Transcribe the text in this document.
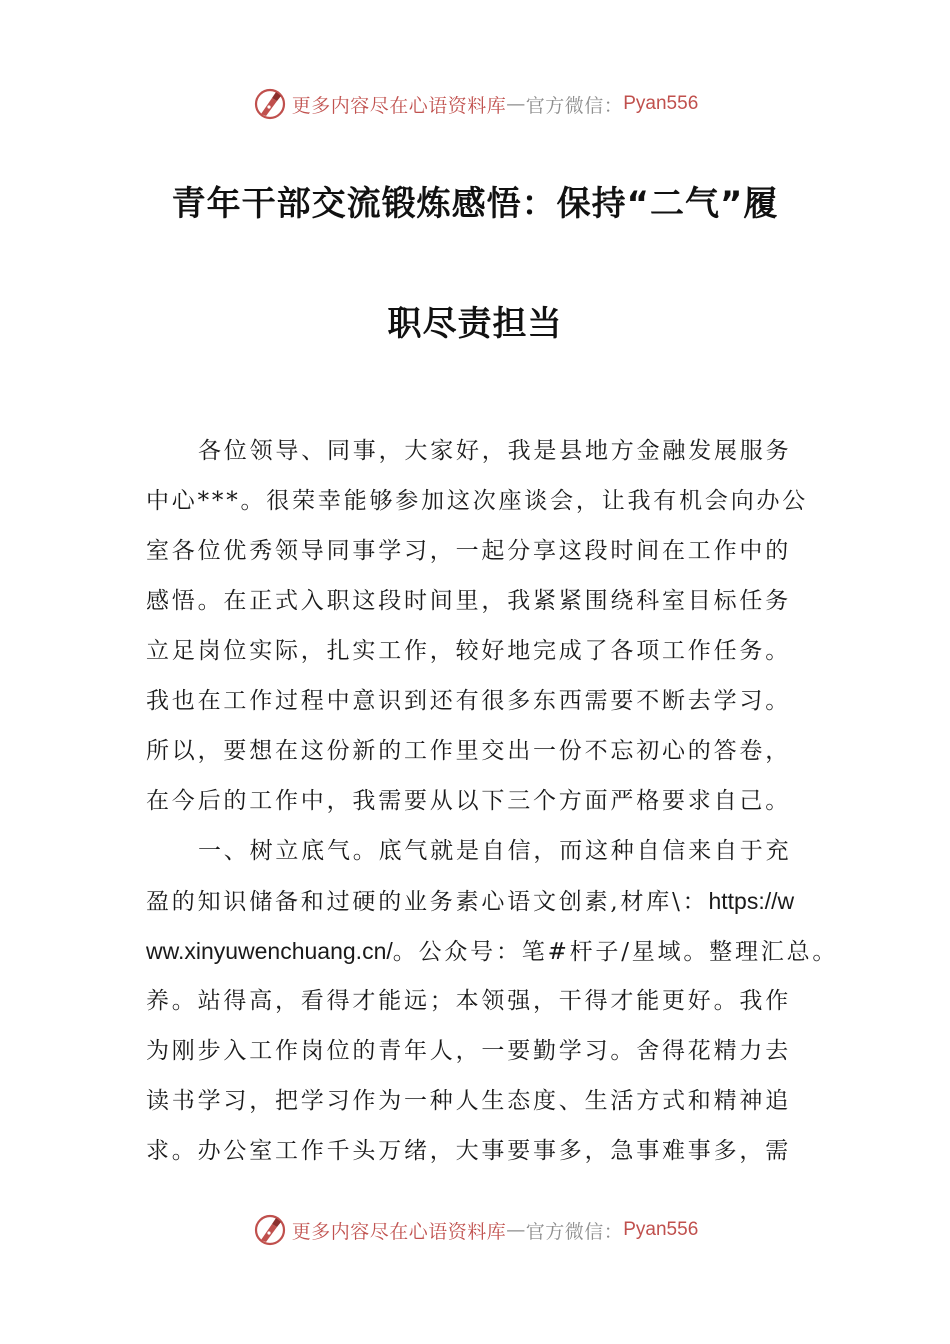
更多内容尽在心语资料库 — 官方微信： Pyan556
青年干部交流锻炼感悟：保持“二气”履
职尽责担当
各位领导、同事，大家好，我是县地方金融发展服务
中心***。很荣幸能够参加这次座谈会，让我有机会向办公
室各位优秀领导同事学习，一起分享这段时间在工作中的
感悟。在正式入职这段时间里，我紧紧围绕科室目标任务
立足岗位实际，扎实工作，较好地完成了各项工作任务。
我也在工作过程中意识到还有很多东西需要不断去学习。
所以，要想在这份新的工作里交出一份不忘初心的答卷，
在今后的工作中，我需要从以下三个方面严格要求自己。
一、树立底气。底气就是自信，而这种自信来自于充
盈的知识储备和过硬的业务素心语文创素,材库\：https://w
ww.xinyuwenchuang.cn/。公众号：笔#杆子/星域。整理汇总。
养。站得高，看得才能远；本领强，干得才能更好。我作
为刚步入工作岗位的青年人，一要勤学习。舍得花精力去
读书学习，把学习作为一种人生态度、生活方式和精神追
求。办公室工作千头万绪，大事要事多，急事难事多，需
更多内容尽在心语资料库 — 官方微信： Pyan556
